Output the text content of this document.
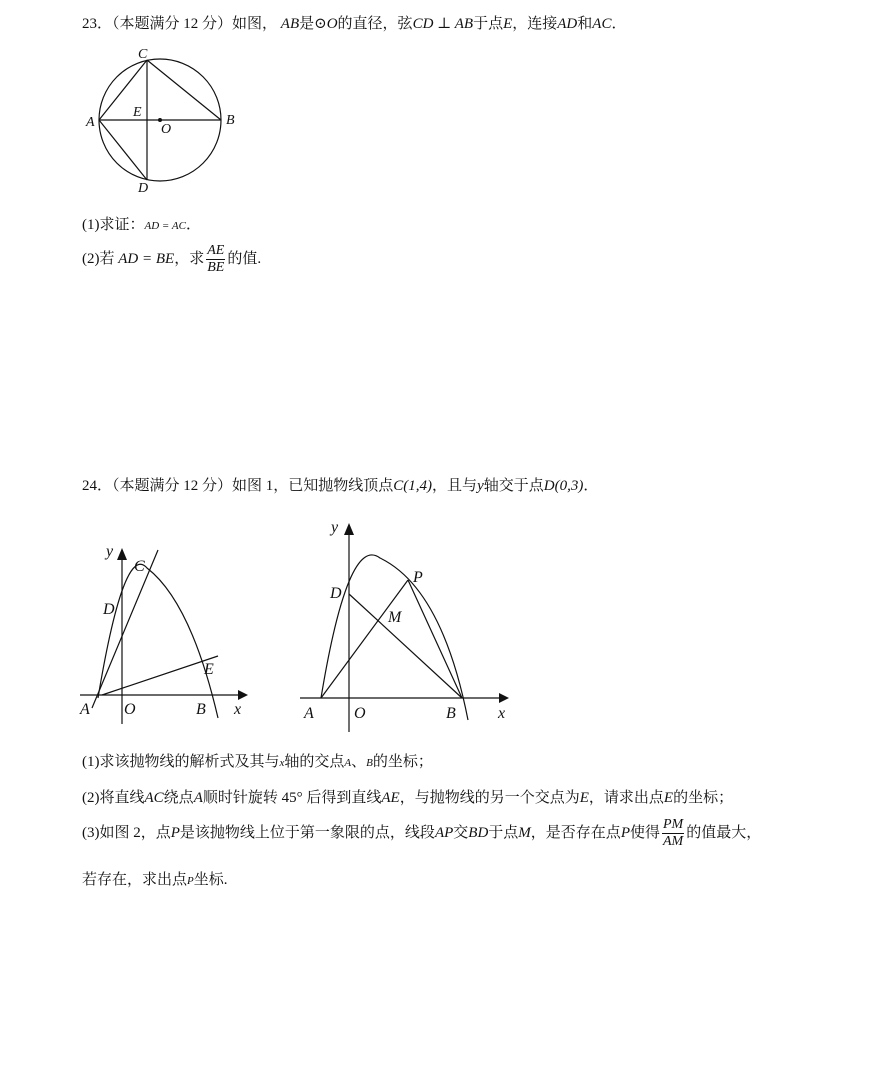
23．（本题满分 12 分）如图， AB是⊙O的直径，弦CD ⊥ AB于点E，连接AD和AC．
C
A	B
E
O
D
(1)求证：AD = AC．
(2)若 AD = BE，求 $\frac{AE}{BE}$ 的值.
24．（本题满分 12 分）如图 1，已知抛物线顶点C(1,4)，且与y轴交于点D(0,3)．
y
C
D
E
A O	B x
y
D
P
M
A	O	B	x
(1)求该抛物线的解析式及其与x轴的交点A、B的坐标；
(2)将直线AC绕点A顺时针旋转 45° 后得到直线AE，与抛物线的另一个交点为E，请求出点E的坐标；
(3)如图 2，点P是该抛物线上位于第一象限的点，线段AP交BD于点M，是否存在点P使得 $\frac{PM}{AM}$ 的值最大，
若存在，求出点P坐标.
